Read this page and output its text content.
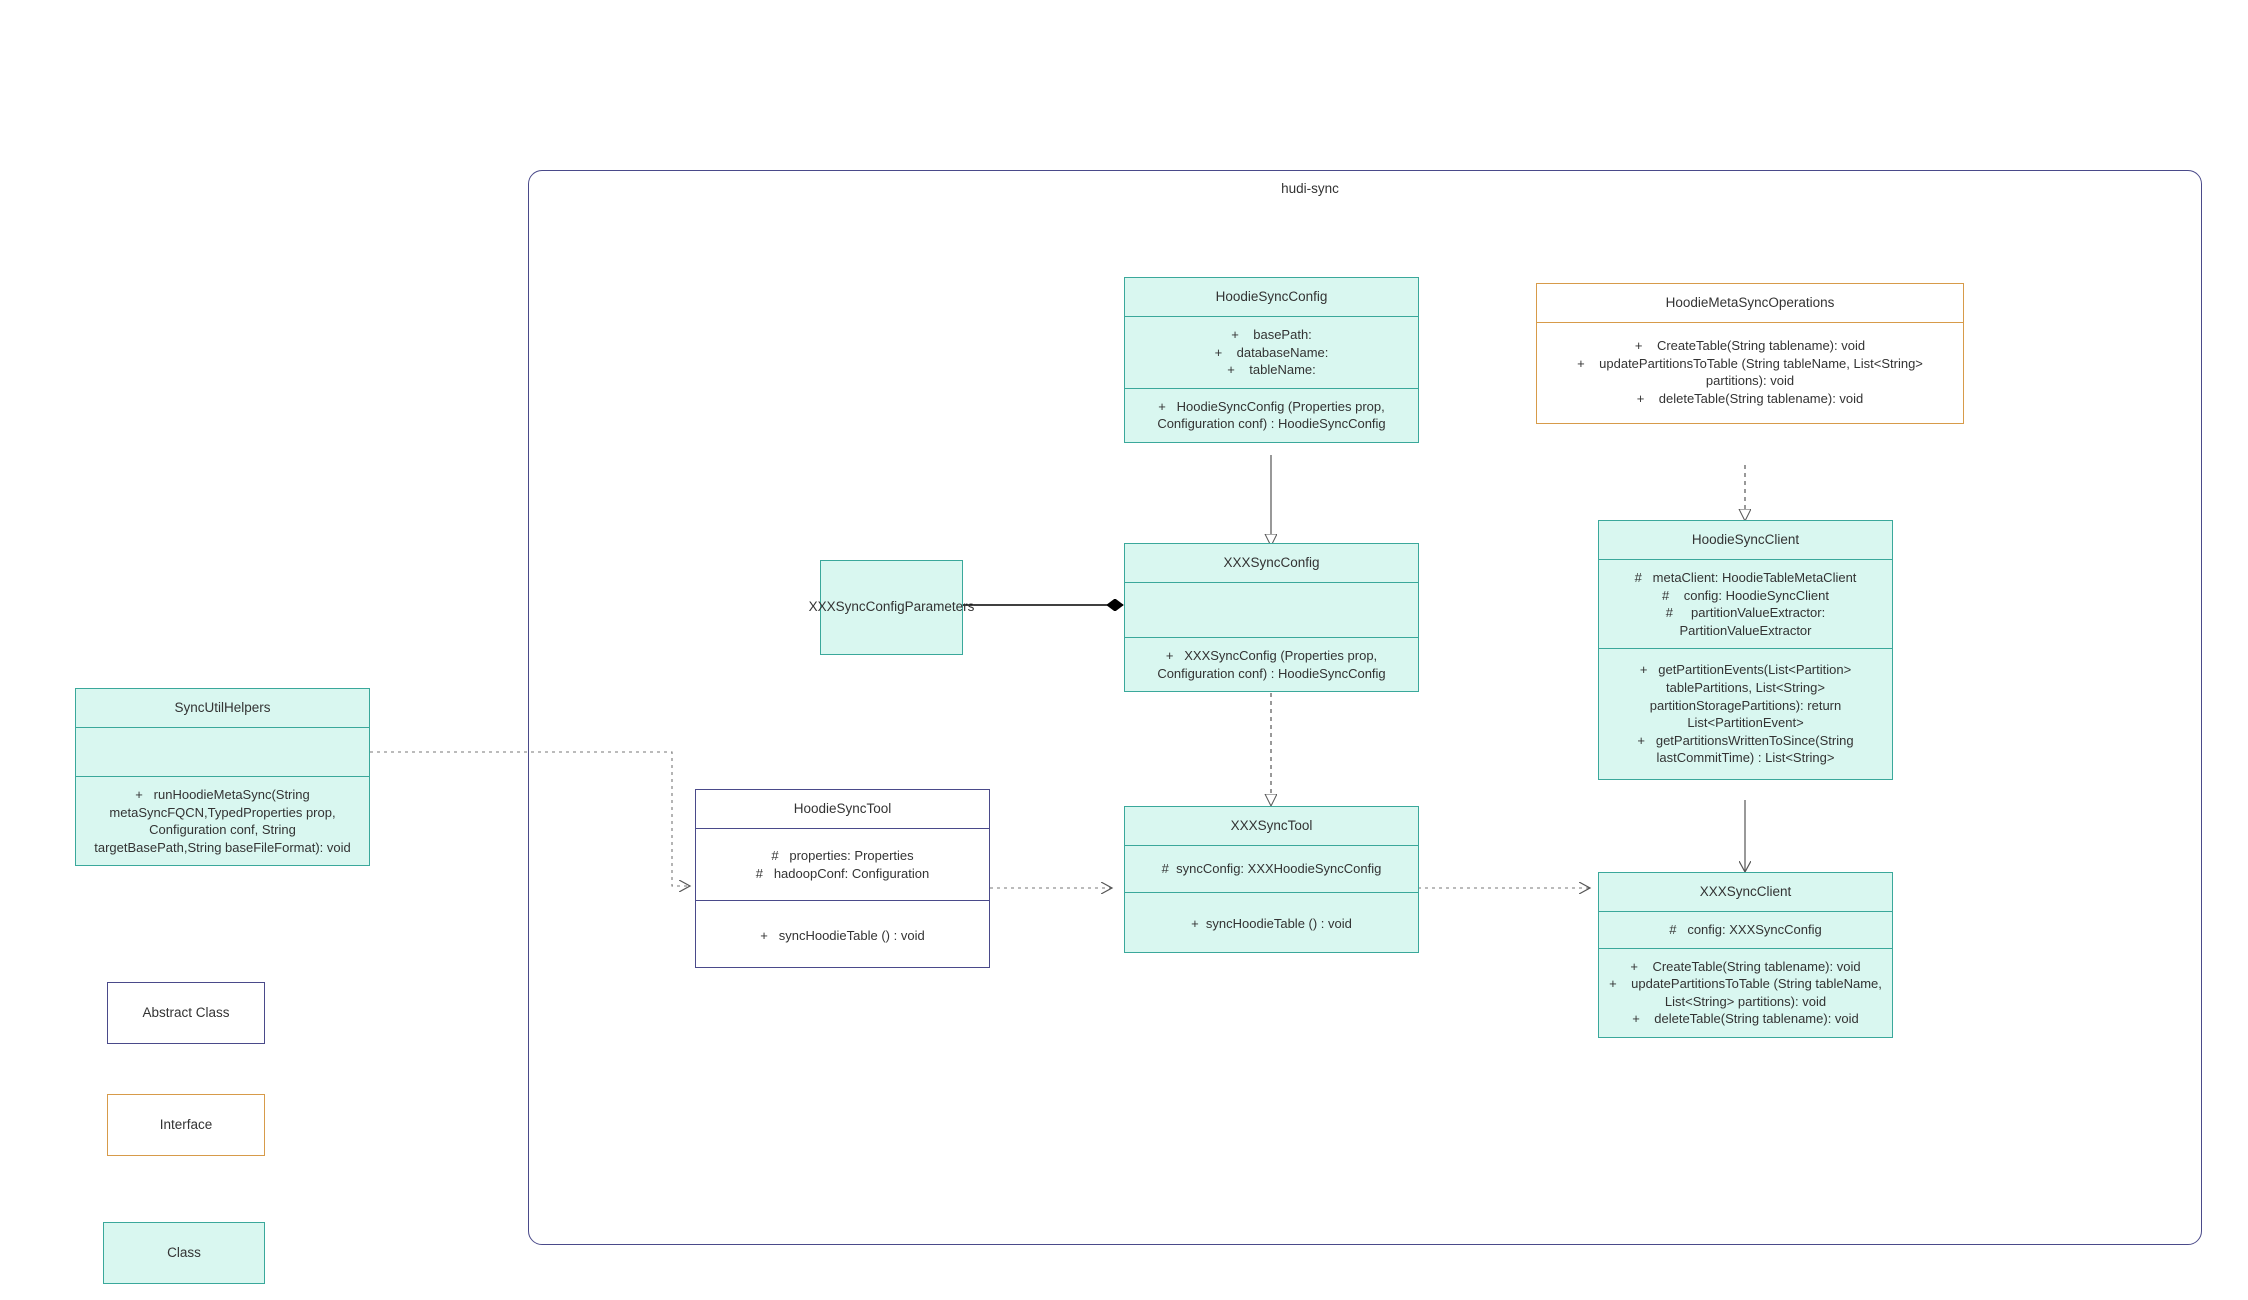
hudi-sync
SyncUtilHelpers
+   runHoodieMetaSync(String metaSyncFQCN,TypedProperties prop, Configuration conf, String targetBasePath,String baseFileFormat): void
XXXSyncConfigParameters
HoodieSyncConfig
+    basePath:
+    databaseName:
+    tableName:
+   HoodieSyncConfig (Properties prop, Configuration conf) : HoodieSyncConfig
XXXSyncConfig
+   XXXSyncConfig (Properties prop, Configuration conf) : HoodieSyncConfig
HoodieMetaSyncOperations
+    CreateTable(String tablename): void
+    updatePartitionsToTable (String tableName, List<String> partitions): void
+    deleteTable(String tablename): void
HoodieSyncClient
#   metaClient: HoodieTableMetaClient
#    config: HoodieSyncClient
#     partitionValueExtractor: PartitionValueExtractor
+   getPartitionEvents(List<Partition> tablePartitions, List<String> partitionStoragePartitions): return List<PartitionEvent>
+   getPartitionsWrittenToSince(String lastCommitTime) : List<String>
HoodieSyncTool
#   properties: Properties
#   hadoopConf: Configuration
+   syncHoodieTable () : void
XXXSyncTool
#  syncConfig: XXXHoodieSyncConfig
+  syncHoodieTable () : void
XXXSyncClient
#   config: XXXSyncConfig
+    CreateTable(String tablename): void
+    updatePartitionsToTable (String tableName, List<String> partitions): void
+    deleteTable(String tablename): void
Abstract Class
Interface
Class
